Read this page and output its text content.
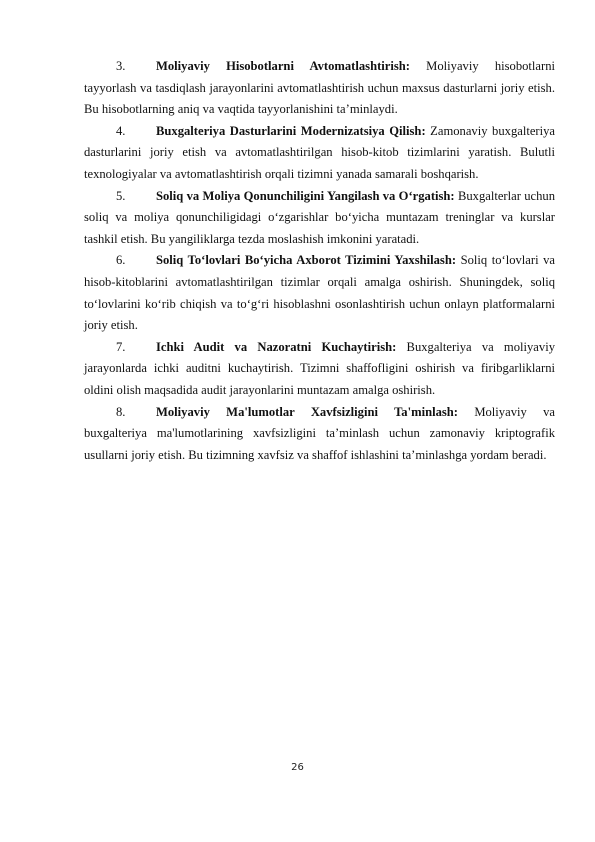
3. Moliyaviy Hisobotlarni Avtomatlashtirish: Moliyaviy hisobotlarni tayyorlash va tasdiqlash jarayonlarini avtomatlashtirish uchun maxsus dasturlarni joriy etish. Bu hisobotlarning aniq va vaqtida tayyorlanishini ta’minlaydi.

4. Buxgalteriya Dasturlarini Modernizatsiya Qilish: Zamonaviy buxgalteriya dasturlarini joriy etish va avtomatlashtirilgan hisob-kitob tizimlarini yaratish. Bulutli texnologiyalar va avtomatlashtirish orqali tizimni yanada samarali boshqarish.

5. Soliq va Moliya Qonunchiligini Yangilash va O‘rgatish: Buxgalterlar uchun soliq va moliya qonunchiligidagi o‘zgarishlar bo‘yicha muntazam treninglar va kurslar tashkil etish. Bu yangiliklarga tezda moslashish imkonini yaratadi.

6. Soliq To‘lovlari Bo‘yicha Axborot Tizimini Yaxshilash: Soliq to‘lovlari va hisob-kitoblarini avtomatlashtirilgan tizimlar orqali amalga oshirish. Shuningdek, soliq to‘lovlarini ko‘rib chiqish va to‘g‘ri hisoblashni osonlashtirish uchun onlayn platformalarni joriy etish.

7. Ichki Audit va Nazoratni Kuchaytirish: Buxgalteriya va moliyaviy jarayonlarda ichki auditni kuchaytirish. Tizimni shaffofligini oshirish va firibgarliklarni oldini olish maqsadida audit jarayonlarini muntazam amalga oshirish.

8. Moliyaviy Ma'lumotlar Xavfsizligini Ta'minlash: Moliyaviy va buxgalteriya ma'lumotlarining xavfsizligini ta’minlash uchun zamonaviy kriptografik usullarni joriy etish. Bu tizimning xavfsiz va shaffof ishlashini ta’minlashga yordam beradi.

26
